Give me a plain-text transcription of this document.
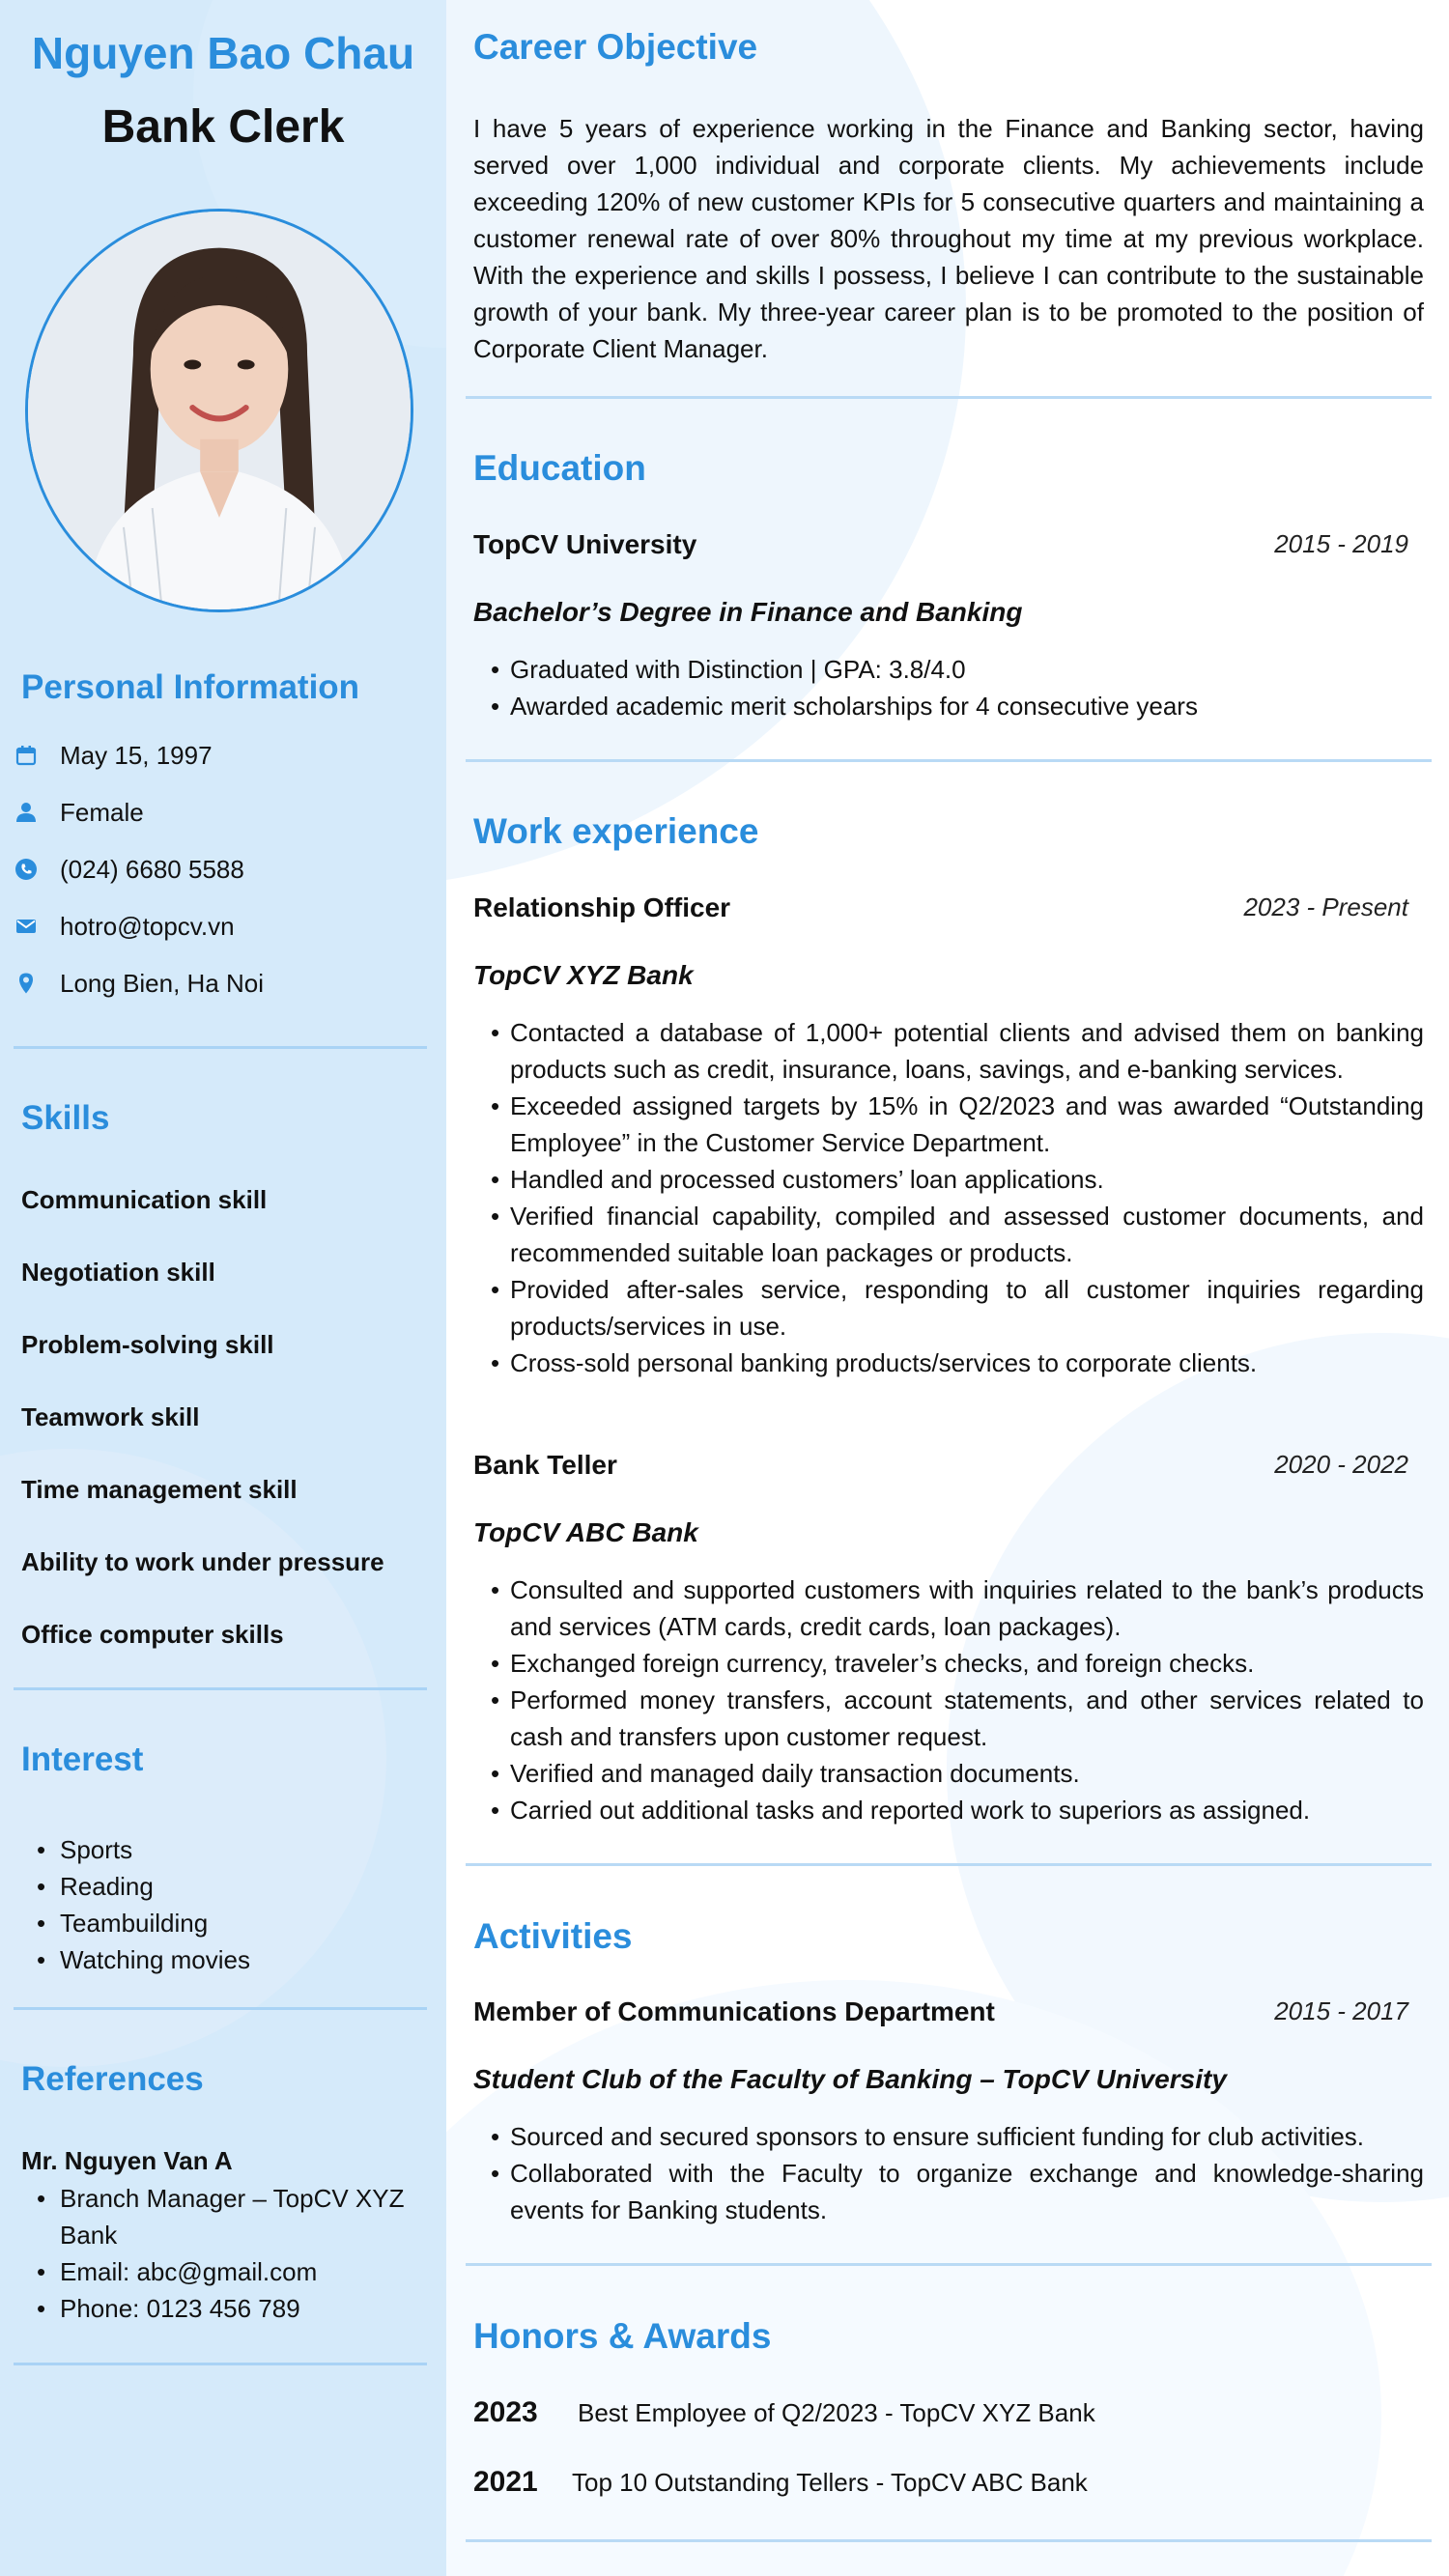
Nguyen Bao Chau
Bank Clerk
Personal Information
May 15, 1997
Female
(024) 6680 5588
hotro@topcv.vn
Long Bien, Ha Noi
Skills
Communication skill
Negotiation skill
Problem-solving skill
Teamwork skill
Time management skill
Ability to work under pressure
Office computer skills
Interest
• Sports
• Reading
• Teambuilding
• Watching movies
References
Mr. Nguyen Van A
• Branch Manager – TopCV XYZ Bank
• Email: abc@gmail.com
• Phone: 0123 456 789
Career Objective
I have 5 years of experience working in the Finance and Banking sector, having served over 1,000 individual and corporate clients. My achievements include exceeding 120% of new customer KPIs for 5 consecutive quarters and maintaining a customer renewal rate of over 80% throughout my time at my previous workplace. With the experience and skills I possess, I believe I can contribute to the sustainable growth of your bank. My three-year career plan is to be promoted to the position of Corporate Client Manager.
Education
TopCV University	2015 - 2019
Bachelor’s Degree in Finance and Banking
• Graduated with Distinction | GPA: 3.8/4.0
• Awarded academic merit scholarships for 4 consecutive years
Work experience
Relationship Officer	2023 - Present
TopCV XYZ Bank
• Contacted a database of 1,000+ potential clients and advised them on banking products such as credit, insurance, loans, savings, and e-banking services.
• Exceeded assigned targets by 15% in Q2/2023 and was awarded “Outstanding Employee” in the Customer Service Department.
• Handled and processed customers’ loan applications.
• Verified financial capability, compiled and assessed customer documents, and recommended suitable loan packages or products.
• Provided after-sales service, responding to all customer inquiries regarding products/services in use.
• Cross-sold personal banking products/services to corporate clients.
Bank Teller	2020 - 2022
TopCV ABC Bank
• Consulted and supported customers with inquiries related to the bank’s products and services (ATM cards, credit cards, loan packages).
• Exchanged foreign currency, traveler’s checks, and foreign checks.
• Performed money transfers, account statements, and other services related to cash and transfers upon customer request.
• Verified and managed daily transaction documents.
• Carried out additional tasks and reported work to superiors as assigned.
Activities
Member of Communications Department	2015 - 2017
Student Club of the Faculty of Banking – TopCV University
• Sourced and secured sponsors to ensure sufficient funding for club activities.
• Collaborated with the Faculty to organize exchange and knowledge-sharing events for Banking students.
Honors & Awards
2023 Best Employee of Q2/2023 - TopCV XYZ Bank
2021 Top 10 Outstanding Tellers - TopCV ABC Bank
